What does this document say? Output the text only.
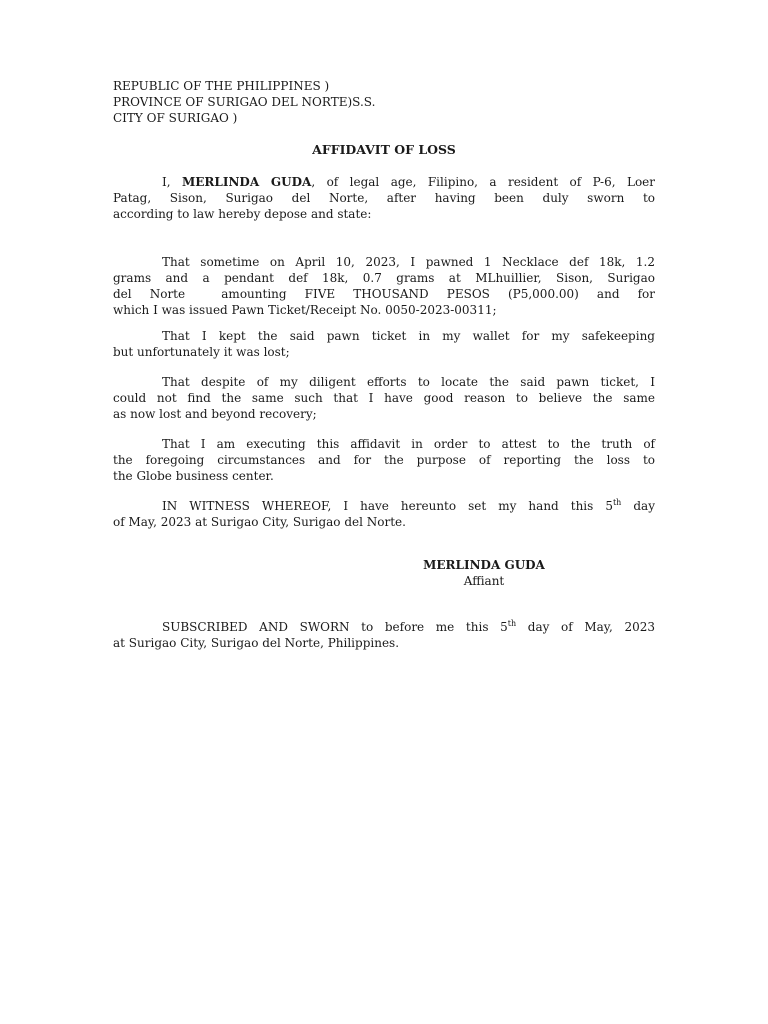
REPUBLIC OF THE PHILIPPINES )
PROVINCE OF SURIGAO DEL NORTE)S.S.
CITY OF SURIGAO )
AFFIDAVIT OF LOSS
I, MERLINDA GUDA, of legal age, Filipino, a resident of P-6, Loer
Patag, Sison, Surigao del Norte, after having been duly sworn to
according to law hereby depose and state:
That sometime on April 10, 2023, I pawned 1 Necklace def 18k, 1.2
grams and a pendant def 18k, 0.7 grams at MLhuillier, Sison, Surigao
del Norte  amounting FIVE THOUSAND PESOS (P5,000.00) and for
which I was issued Pawn Ticket/Receipt No. 0050-2023-00311;
That I kept the said pawn ticket in my wallet for my safekeeping
but unfortunately it was lost;
That despite of my diligent efforts to locate the said pawn ticket, I
could not find the same such that I have good reason to believe the same
as now lost and beyond recovery;
That I am executing this affidavit in order to attest to the truth of
the foregoing circumstances and for the purpose of reporting the loss to
the Globe business center.
IN WITNESS WHEREOF, I have hereunto set my hand this 5th day
of May, 2023 at Surigao City, Surigao del Norte.
MERLINDA GUDA
Affiant
SUBSCRIBED AND SWORN to before me this 5th day of May, 2023
at Surigao City, Surigao del Norte, Philippines.
